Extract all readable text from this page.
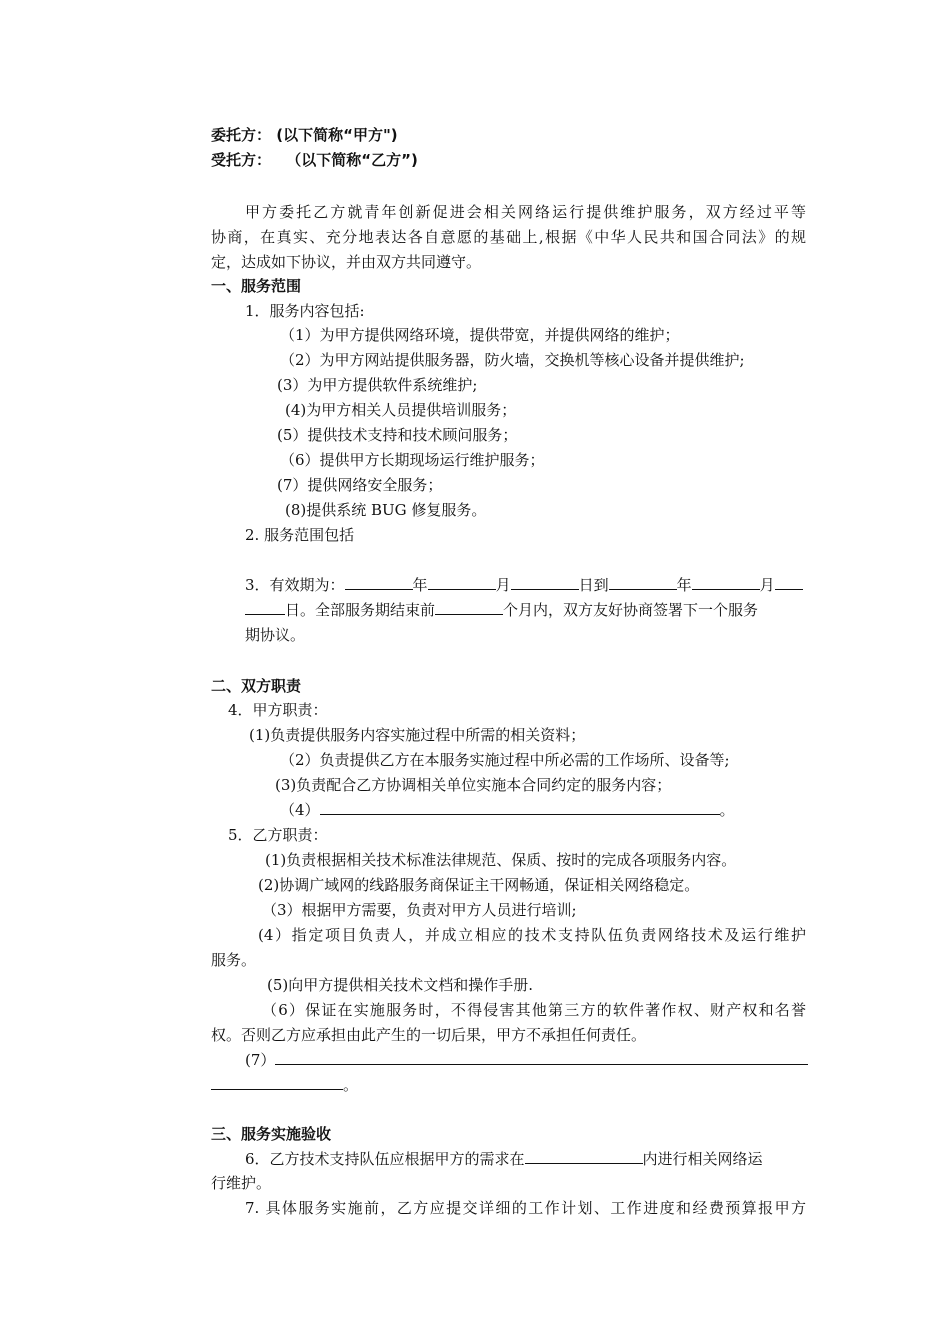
委托方： (以下简称“甲方")
受托方： （以下简称“乙方”)
甲方委托乙方就青年创新促进会相关网络运行提供维护服务，双方经过平等
协商，在真实、充分地表达各自意愿的基础上,根据《中华人民共和国合同法》的规
定，达成如下协议，并由双方共同遵守。
一、服务范围
1．服务内容包括:
（1）为甲方提供网络环境，提供带宽，并提供网络的维护；
（2）为甲方网站提供服务器，防火墙，交换机等核心设备并提供维护;
(3）为甲方提供软件系统维护;
(4)为甲方相关人员提供培训服务；
(5）提供技术支持和技术顾问服务；
（6）提供甲方长期现场运行维护服务；
(7）提供网络安全服务；
(8)提供系统 BUG 修复服务。
2. 服务范围包括
3．有效期为：	年	月	日到	年	月
日。全部服务期结束前	个月内，双方友好协商签署下一个服务
期协议。
二、双方职责
4．甲方职责：
(1)负责提供服务内容实施过程中所需的相关资料；
（2）负责提供乙方在本服务实施过程中所必需的工作场所、设备等;
(3)负责配合乙方协调相关单位实施本合同约定的服务内容；
（4）	。
5．乙方职责：
(1)负责根据相关技术标准法律规范、保质、按时的完成各项服务内容。
(2)协调广域网的线路服务商保证主干网畅通，保证相关网络稳定。
（3）根据甲方需要，负责对甲方人员进行培训;
(4）指定项目负责人，并成立相应的技术支持队伍负责网络技术及运行维护
服务。
(5)向甲方提供相关技术文档和操作手册.
（6）保证在实施服务时，不得侵害其他第三方的软件著作权、财产权和名誉
权。否则乙方应承担由此产生的一切后果，甲方不承担任何责任。
(7）
。
三、服务实施验收
6．乙方技术支持队伍应根据甲方的需求在	内进行相关网络运
行维护。
7. 具体服务实施前，乙方应提交详细的工作计划、工作进度和经费预算报甲方
